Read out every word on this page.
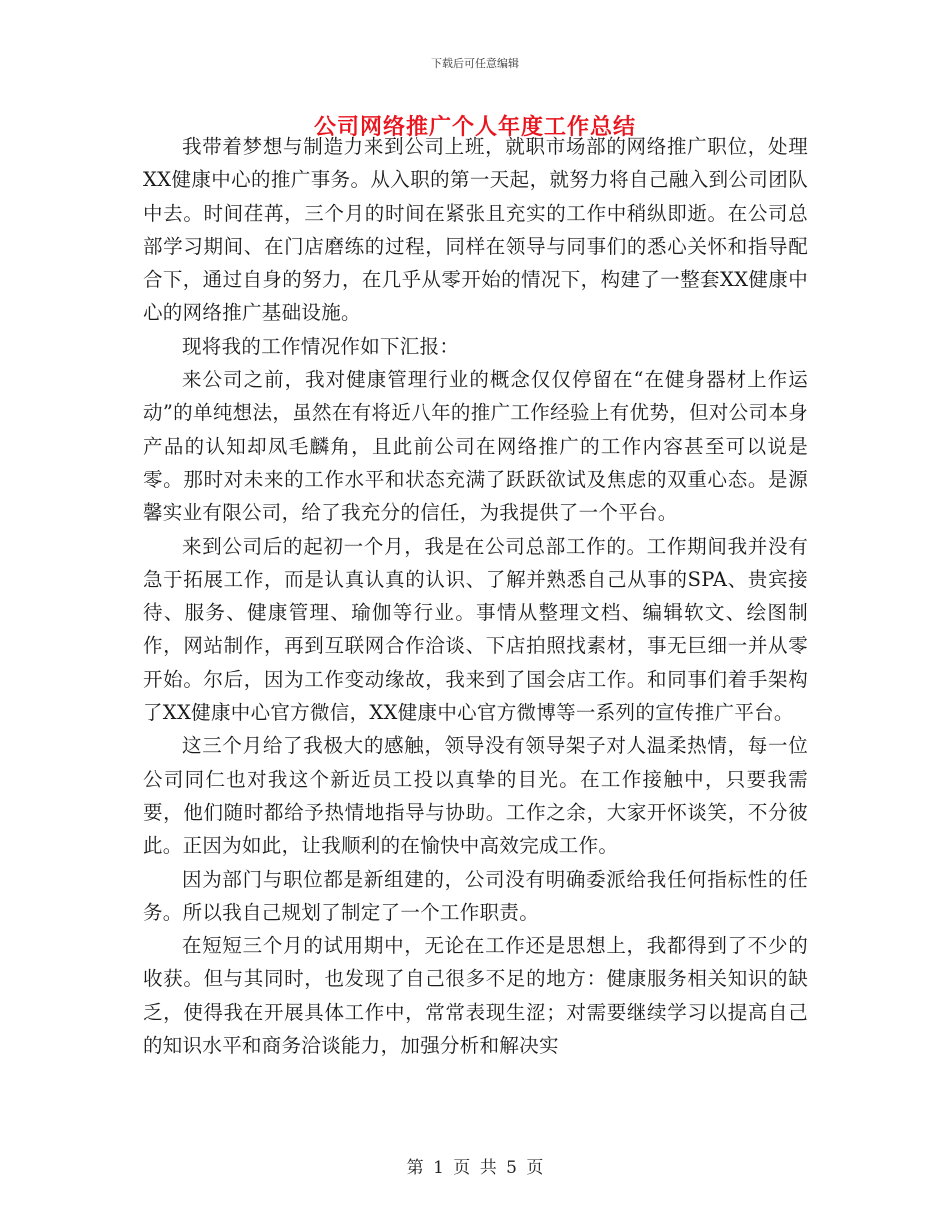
下载后可任意编辑
公司网络推广个人年度工作总结

我带着梦想与制造力来到公司上班，就职市场部的网络推广职位，处理XX健康中心的推广事务。从入职的第一天起，就努力将自己融入到公司团队中去。时间荏苒，三个月的时间在紧张且充实的工作中稍纵即逝。在公司总部学习期间、在门店磨练的过程，同样在领导与同事们的悉心关怀和指导配合下，通过自身的努力，在几乎从零开始的情况下，构建了一整套XX健康中心的网络推广基础设施。

现将我的工作情况作如下汇报：

来公司之前，我对健康管理行业的概念仅仅停留在“在健身器材上作运动”的单纯想法，虽然在有将近八年的推广工作经验上有优势，但对公司本身产品的认知却凤毛麟角，且此前公司在网络推广的工作内容甚至可以说是零。那时对未来的工作水平和状态充满了跃跃欲试及焦虑的双重心态。是源馨实业有限公司，给了我充分的信任，为我提供了一个平台。

来到公司后的起初一个月，我是在公司总部工作的。工作期间我并没有急于拓展工作，而是认真认真的认识、了解并熟悉自己从事的SPA、贵宾接待、服务、健康管理、瑜伽等行业。事情从整理文档、编辑软文、绘图制作，网站制作，再到互联网合作洽谈、下店拍照找素材，事无巨细一并从零开始。尔后，因为工作变动缘故，我来到了国会店工作。和同事们着手架构了XX健康中心官方微信，XX健康中心官方微博等一系列的宣传推广平台。

这三个月给了我极大的感触，领导没有领导架子对人温柔热情，每一位公司同仁也对我这个新近员工投以真挚的目光。在工作接触中，只要我需要，他们随时都给予热情地指导与协助。工作之余，大家开怀谈笑，不分彼此。正因为如此，让我顺利的在愉快中高效完成工作。

因为部门与职位都是新组建的，公司没有明确委派给我任何指标性的任务。所以我自己规划了制定了一个工作职责。

在短短三个月的试用期中，无论在工作还是思想上，我都得到了不少的收获。但与其同时，也发现了自己很多不足的地方：健康服务相关知识的缺乏，使得我在开展具体工作中，常常表现生涩；对需要继续学习以提高自己的知识水平和商务洽谈能力，加强分析和解决实

第 1 页 共 5 页
